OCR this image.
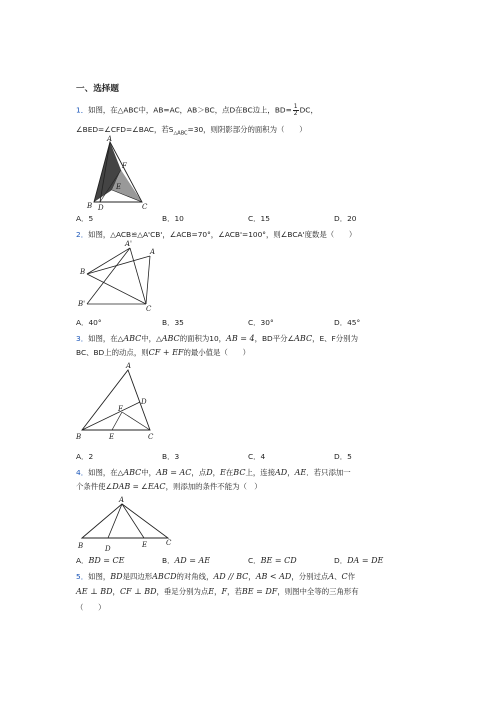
一、选择题
1．如图，在△ABC中，AB=AC，AB＞BC，点D在BC边上，$BD= \frac{1}{2}$ DC，
∠BED=∠CFD=∠BAC，若$S_{\triangle ABC}=30$，则阴影部分的面积为（　　）
A
F
E
B D	C
A．5	B．10	C．15	D．20
2．如图，△ACB≌△A'CB'，∠ACB=70°，∠ACB'=100°，则∠BCA'度数是（　　）
A'
A
B
B'
C
A．40°	B．35	C．30°	D．45°
3．如图，在△ABC中，△ABC的面积为10，AB = 4，BD平分∠ABC，E、F分别为
BC、BD上的动点，则CF + EF的最小值是（　　）
A
D
F
B	E	C
A．2	B．3	C．4	D．5
4．如图，在△ABC中，AB = AC，点D，E在BC上，连接AD，AE．若只添加一
个条件使∠DAB = ∠EAC，则添加的条件不能为（　）
A
B	D	E	C
A．BD = CE	B．AD = AE	C．BE = CD	D．DA = DE
5．如图，BD是四边形ABCD的对角线，AD // BC，AB < AD，分别过点A、C作
AE ⊥ BD，CF ⊥ BD，垂足分别为点E，F，若BE = DF，则图中全等的三角形有
（　　）
